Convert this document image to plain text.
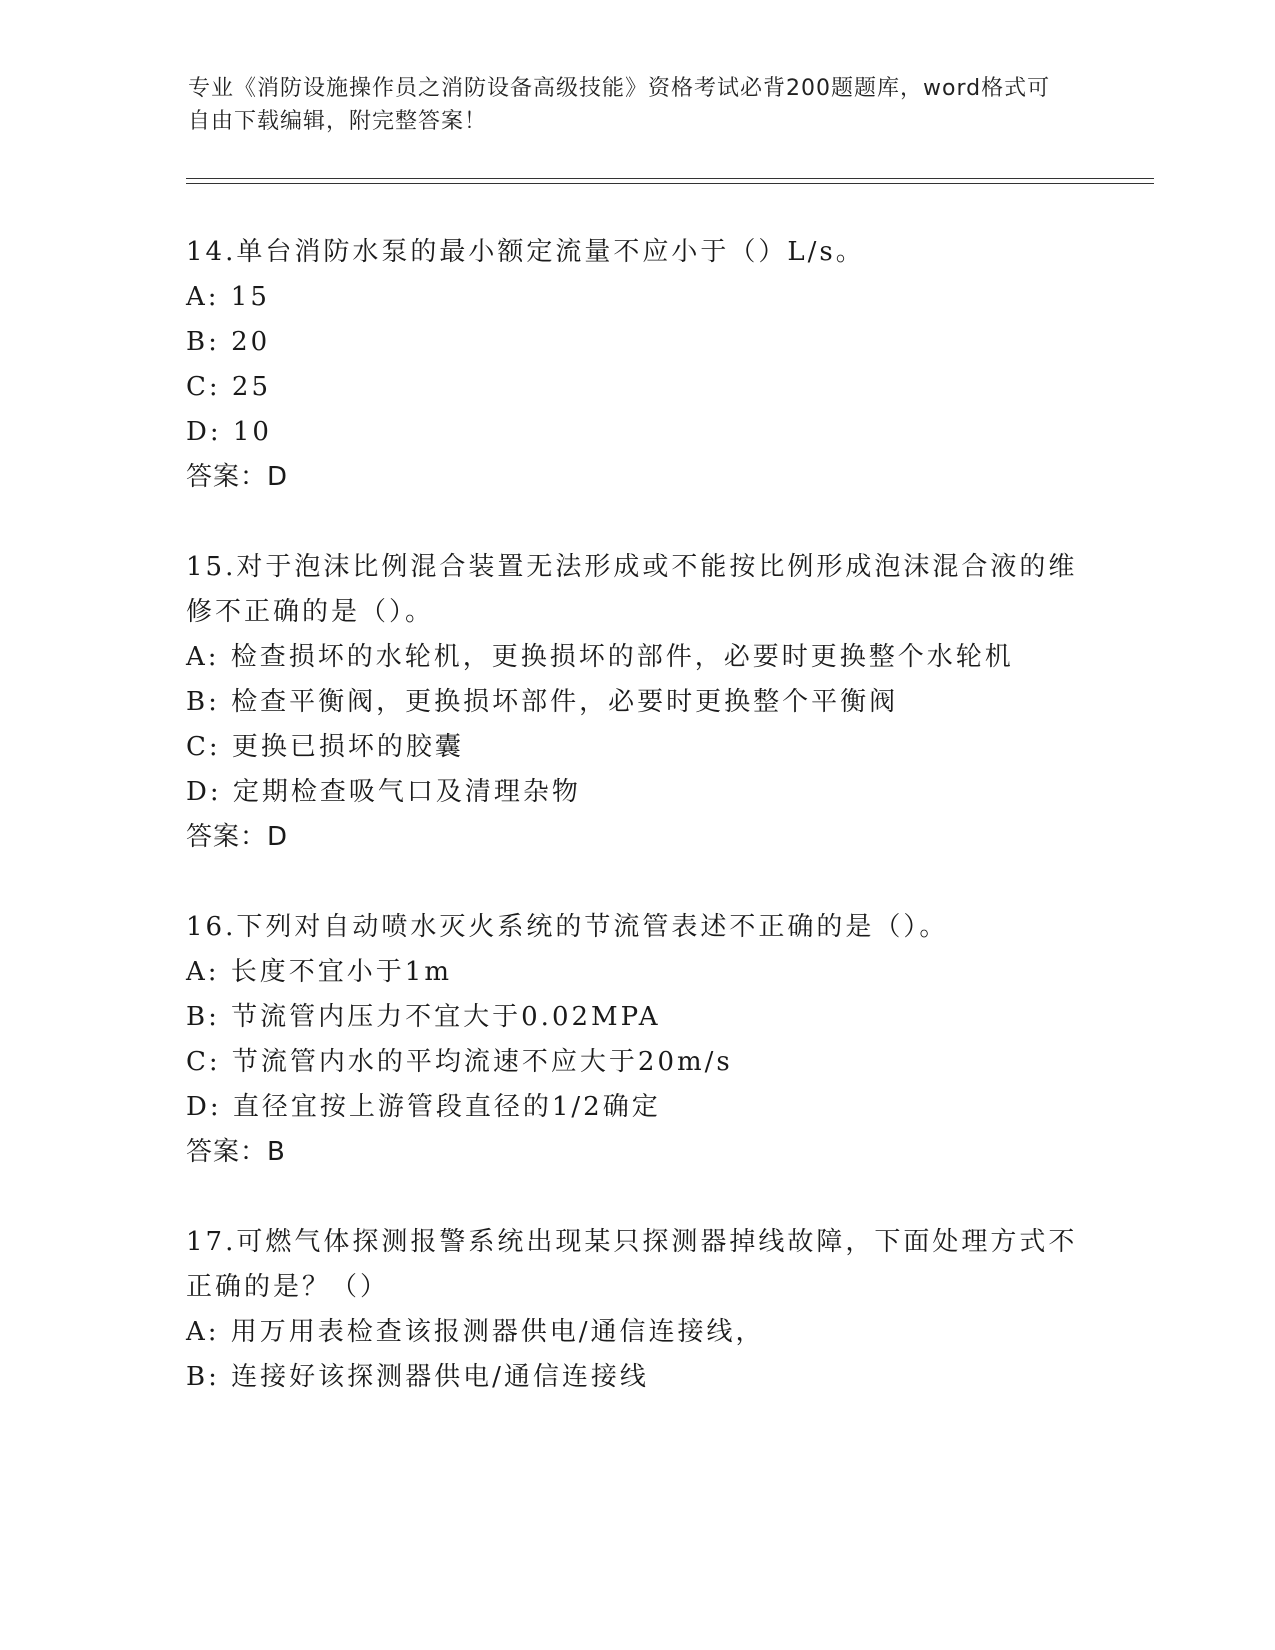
专业《消防设施操作员之消防设备高级技能》资格考试必背200题题库，word格式可自由下载编辑，附完整答案！

14.单台消防水泵的最小额定流量不应小于（）L/s。

A: 15

B: 20

C: 25

D: 10

答案：D

15.对于泡沫比例混合装置无法形成或不能按比例形成泡沫混合液的维修不正确的是（）。

A: 检查损坏的水轮机，更换损坏的部件，必要时更换整个水轮机

B: 检查平衡阀，更换损坏部件，必要时更换整个平衡阀

C: 更换已损坏的胶囊

D: 定期检查吸气口及清理杂物

答案：D

16.下列对自动喷水灭火系统的节流管表述不正确的是（）。

A: 长度不宜小于1m

B: 节流管内压力不宜大于0.02MPA

C: 节流管内水的平均流速不应大于20m/s

D: 直径宜按上游管段直径的1/2确定

答案：B

17.可燃气体探测报警系统出现某只探测器掉线故障，下面处理方式不正确的是？（）

A: 用万用表检查该报测器供电/通信连接线，

B: 连接好该探测器供电/通信连接线
